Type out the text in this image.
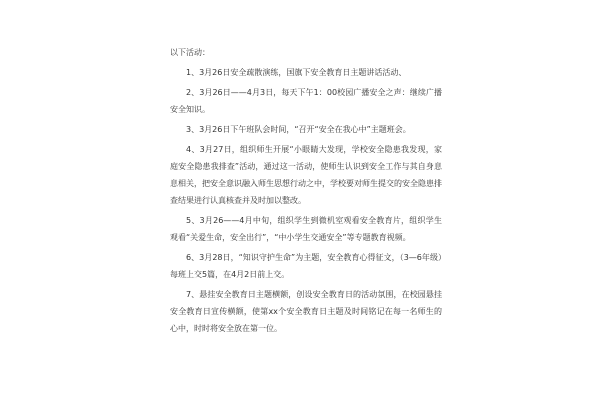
以下活动：

1、3月26日安全疏散演练，国旗下安全教育日主题讲话活动、

2、3月26日——4月3日，每天下午1：00校园广播安全之声：继续广播安全知识。

3、3月26日下午班队会时间，“召开“安全在我心中”主题班会。

4、3月27日，组织师生开展“小眼睛大发现，学校安全隐患我发现，家庭安全隐患我排查”活动，通过这一活动，使师生认识到安全工作与其自身息息相关，把安全意识融入师生思想行动之中，学校要对师生提交的安全隐患排查结果进行认真核查并及时加以整改。

5、3月26——4月中旬，组织学生到微机室观看安全教育片，组织学生观看“关爱生命，安全出行”，“中小学生交通安全”等专题教育视频。

6、3月28日，“知识守护生命”为主题，安全教育心得征文，（3—6年级）每班上交5篇，在4月2日前上交。

7、悬挂安全教育日主题横额，创设安全教育日的活动氛围，在校园悬挂安全教育日宣传横额，使第xx个安全教育日主题及时间铭记在每一名师生的心中，时时将安全放在第一位。
